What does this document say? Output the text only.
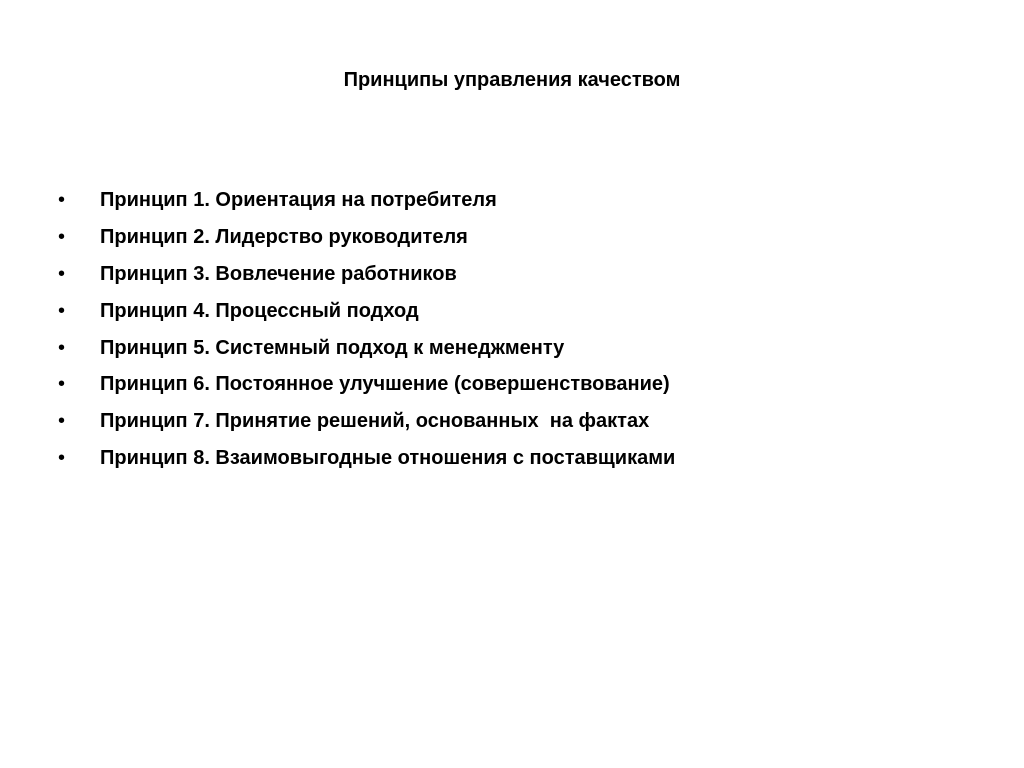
Принципы управления качеством

•

	Принцип 1. Ориентация на потребителя

•

	Принцип 2. Лидерство руководителя

•

	Принцип 3. Вовлечение работников

•

	Принцип 4. Процессный подход

•

	Принцип 5. Системный подход к менеджменту

•

	Принцип 6. Постоянное улучшение (совершенствование)

•

	Принцип 7. Принятие решений, основанных  на фактах

•

	Принцип 8. Взаимовыгодные отношения с поставщиками
